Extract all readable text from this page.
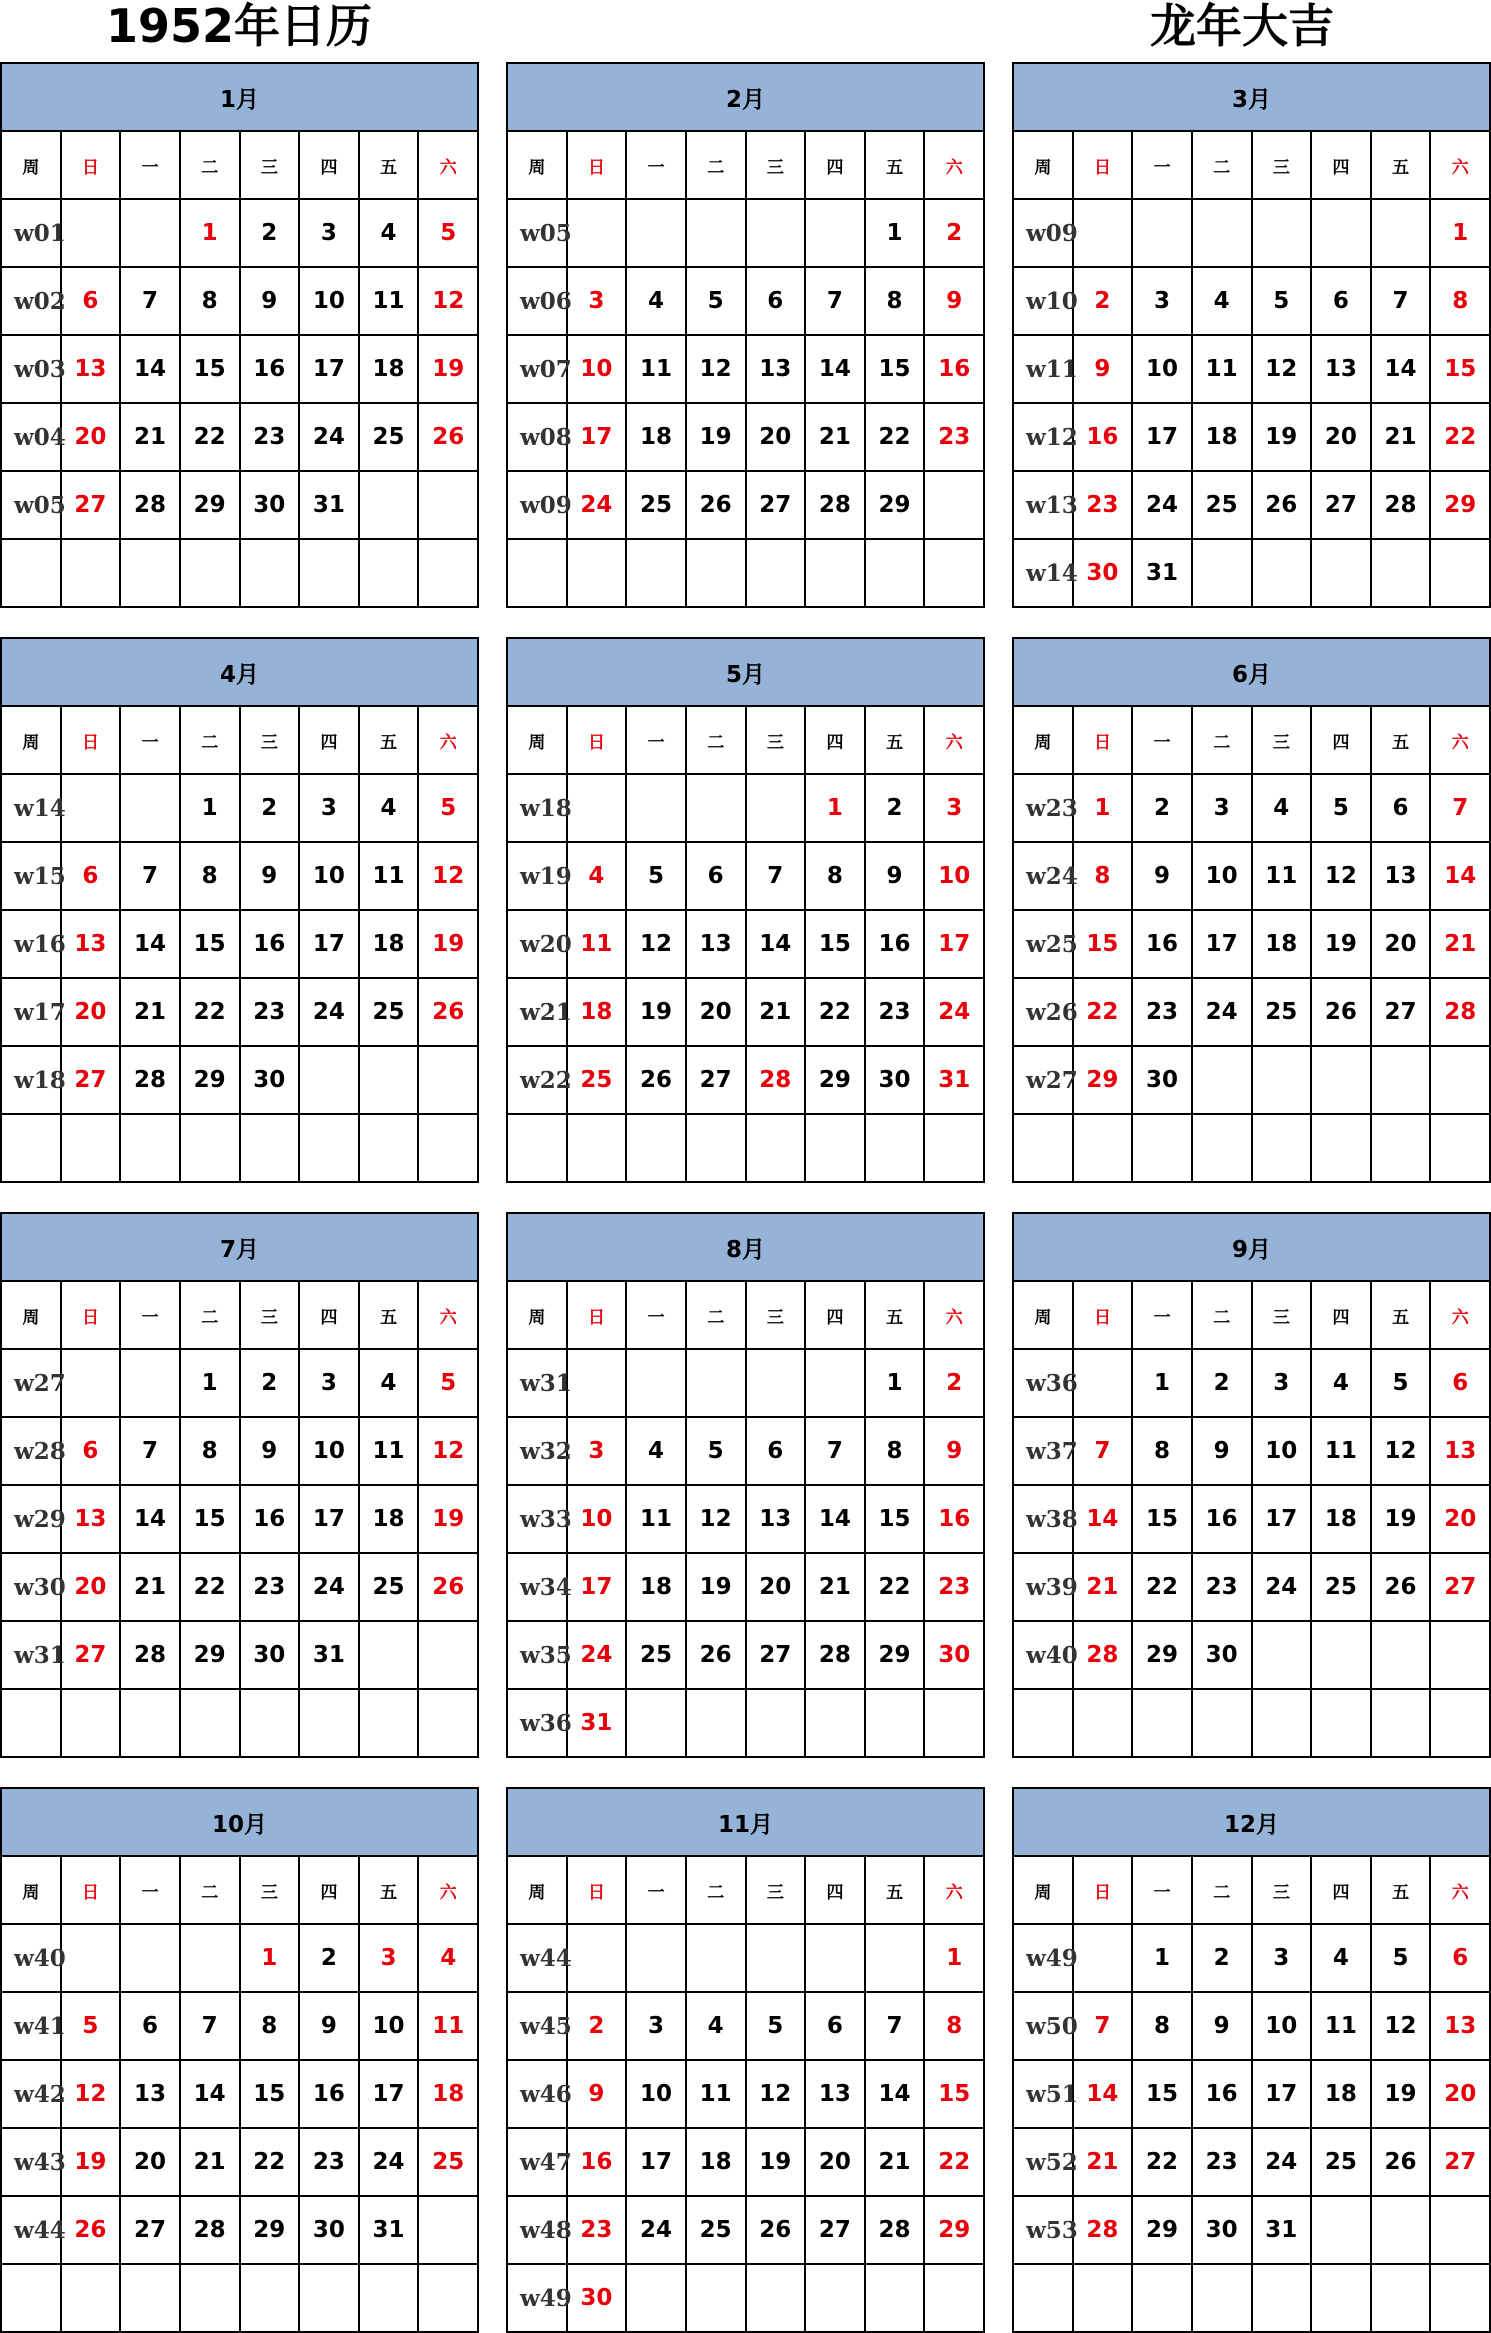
1952年日历	龙年大吉
1月							
周	日	一	二	三	四	五	六
w01			1	2	3	4	5
w02	6	7	8	9	10	11	12
w03	13	14	15	16	17	18	19
w04	20	21	22	23	24	25	26
w05	27	28	29	30	31		

2月							
周	日	一	二	三	四	五	六
w05						1	2
w06	3	4	5	6	7	8	9
w07	10	11	12	13	14	15	16
w08	17	18	19	20	21	22	23
w09	24	25	26	27	28	29	

3月							
周	日	一	二	三	四	五	六
w09							1
w10	2	3	4	5	6	7	8
w11	9	10	11	12	13	14	15
w12	16	17	18	19	20	21	22
w13	23	24	25	26	27	28	29
w14	30	31					
4月							
周	日	一	二	三	四	五	六
w14			1	2	3	4	5
w15	6	7	8	9	10	11	12
w16	13	14	15	16	17	18	19
w17	20	21	22	23	24	25	26
w18	27	28	29	30			

5月							
周	日	一	二	三	四	五	六
w18					1	2	3
w19	4	5	6	7	8	9	10
w20	11	12	13	14	15	16	17
w21	18	19	20	21	22	23	24
w22	25	26	27	28	29	30	31

6月							
周	日	一	二	三	四	五	六
w23	1	2	3	4	5	6	7
w24	8	9	10	11	12	13	14
w25	15	16	17	18	19	20	21
w26	22	23	24	25	26	27	28
w27	29	30					

7月							
周	日	一	二	三	四	五	六
w27			1	2	3	4	5
w28	6	7	8	9	10	11	12
w29	13	14	15	16	17	18	19
w30	20	21	22	23	24	25	26
w31	27	28	29	30	31		

8月							
周	日	一	二	三	四	五	六
w31						1	2
w32	3	4	5	6	7	8	9
w33	10	11	12	13	14	15	16
w34	17	18	19	20	21	22	23
w35	24	25	26	27	28	29	30
w36	31						
9月							
周	日	一	二	三	四	五	六
w36		1	2	3	4	5	6
w37	7	8	9	10	11	12	13
w38	14	15	16	17	18	19	20
w39	21	22	23	24	25	26	27
w40	28	29	30				

10月							
周	日	一	二	三	四	五	六
w40				1	2	3	4
w41	5	6	7	8	9	10	11
w42	12	13	14	15	16	17	18
w43	19	20	21	22	23	24	25
w44	26	27	28	29	30	31	

11月							
周	日	一	二	三	四	五	六
w44							1
w45	2	3	4	5	6	7	8
w46	9	10	11	12	13	14	15
w47	16	17	18	19	20	21	22
w48	23	24	25	26	27	28	29
w49	30						
12月							
周	日	一	二	三	四	五	六
w49		1	2	3	4	5	6
w50	7	8	9	10	11	12	13
w51	14	15	16	17	18	19	20
w52	21	22	23	24	25	26	27
w53	28	29	30	31			
